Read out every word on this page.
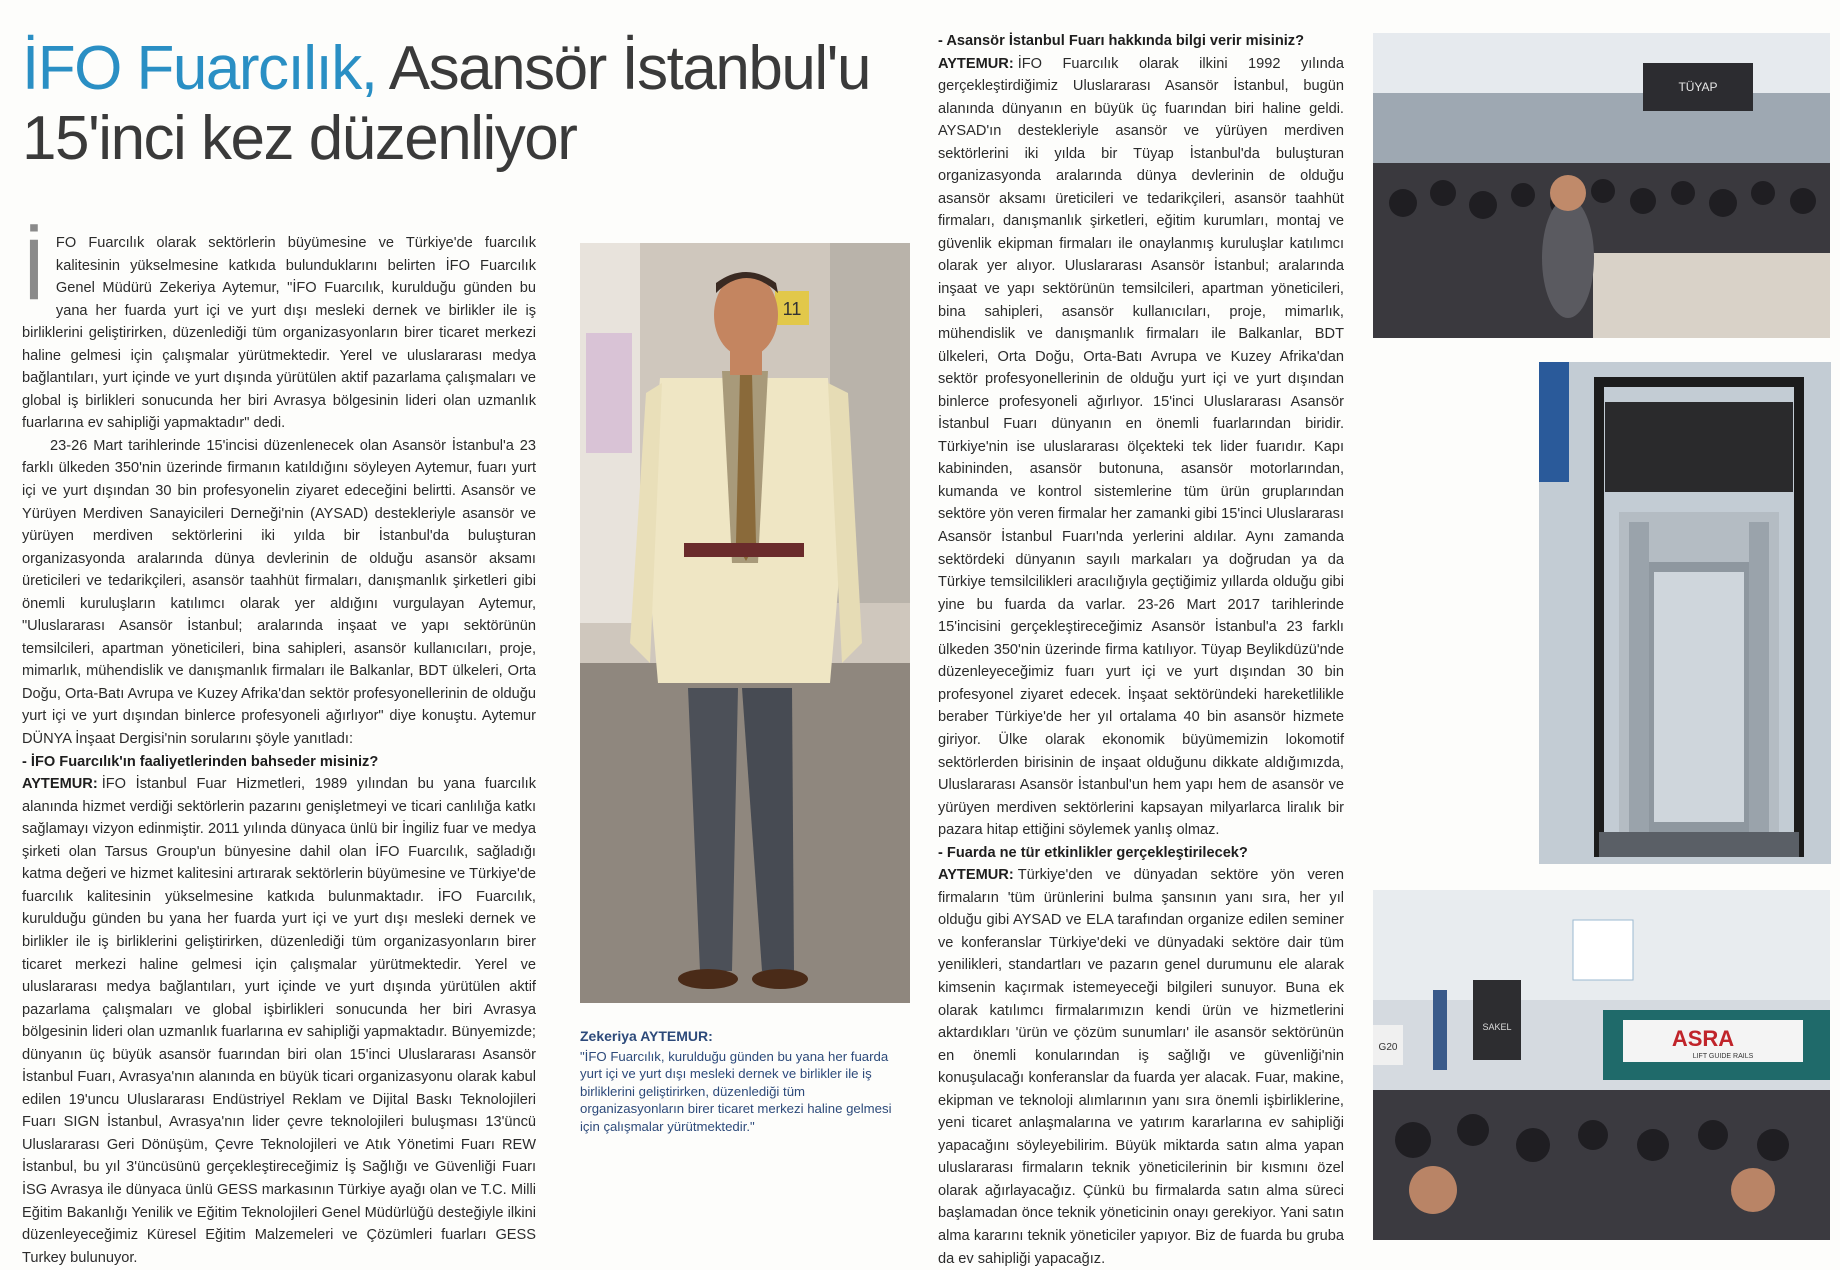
İFO Fuarcılık, Asansör İstanbul'u
15'inci kez düzenliyor
İ FO Fuarcılık olarak sektörlerin büyümesine ve Türkiye'de fuarcılık kalitesinin yükselmesine katkıda bulunduklarını belirten İFO Fuarcılık Genel Müdürü Zekeriya Aytemur, "İFO Fuarcılık, kurulduğu günden bu yana her fuarda yurt içi ve yurt dışı mesleki dernek ve birlikler ile iş birliklerini geliştirirken, düzenlediği tüm organizasyonların birer ticaret merkezi haline gelmesi için çalışmalar yürütmektedir. Yerel ve uluslararası medya bağlantıları, yurt içinde ve yurt dışında yürütülen aktif pazarlama çalışmaları ve global iş birlikleri sonucunda her biri Avrasya bölgesinin lideri olan uzmanlık fuarlarına ev sahipliği yapmaktadır" dedi.

23-26 Mart tarihlerinde 15'incisi düzenlenecek olan Asansör İstanbul'a 23 farklı ülkeden 350'nin üzerinde firmanın katıldığını söyleyen Aytemur, fuarı yurt içi ve yurt dışından 30 bin profesyonelin ziyaret edeceğini belirtti. Asansör ve Yürüyen Merdiven Sanayicileri Derneği'nin (AYSAD) destekleriyle asansör ve yürüyen merdiven sektörlerini iki yılda bir İstanbul'da buluşturan organizasyonda aralarında dünya devlerinin de olduğu asansör aksamı üreticileri ve tedarikçileri, asansör taahhüt firmaları, danışmanlık şirketleri gibi önemli kuruluşların katılımcı olarak yer aldığını vurgulayan Aytemur, "Uluslararası Asansör İstanbul; aralarında inşaat ve yapı sektörünün temsilcileri, apartman yöneticileri, bina sahipleri, asansör kullanıcıları, proje, mimarlık, mühendislik ve danışmanlık firmaları ile Balkanlar, BDT ülkeleri, Orta Doğu, Orta-Batı Avrupa ve Kuzey Afrika'dan sektör profesyonellerinin de olduğu yurt içi ve yurt dışından binlerce profesyoneli ağırlıyor" diye konuştu. Aytemur DÜNYA İnşaat Dergisi'nin sorularını şöyle yanıtladı:

- İFO Fuarcılık'ın faaliyetlerinden bahseder misiniz?

AYTEMUR: İFO İstanbul Fuar Hizmetleri, 1989 yılından bu yana fuarcılık alanında hizmet verdiği sektörlerin pazarını genişletmeyi ve ticari canlılığa katkı sağlamayı vizyon edinmiştir. 2011 yılında dünyaca ünlü bir İngiliz fuar ve medya şirketi olan Tarsus Group'un bünyesine dahil olan İFO Fuarcılık, sağladığı katma değeri ve hizmet kalitesini artırarak sektörlerin büyümesine ve Türkiye'de fuarcılık kalitesinin yükselmesine katkıda bulunmaktadır. İFO Fuarcılık, kurulduğu günden bu yana her fuarda yurt içi ve yurt dışı mesleki dernek ve birlikler ile iş birliklerini geliştirirken, düzenlediği tüm organizasyonların birer ticaret merkezi haline gelmesi için çalışmalar yürütmektedir. Yerel ve uluslararası medya bağlantıları, yurt içinde ve yurt dışında yürütülen aktif pazarlama çalışmaları ve global işbirlikleri sonucunda her biri Avrasya bölgesinin lideri olan uzmanlık fuarlarına ev sahipliği yapmaktadır. Bünyemizde; dünyanın üç büyük asansör fuarından biri olan 15'inci Uluslararası Asansör İstanbul Fuarı, Avrasya'nın alanında en büyük ticari organizasyonu olarak kabul edilen 19'uncu Uluslararası Endüstriyel Reklam ve Dijital Baskı Teknolojileri Fuarı SIGN İstanbul, Avrasya'nın lider çevre teknolojileri buluşması 13'üncü Uluslararası Geri Dönüşüm, Çevre Teknolojileri ve Atık Yönetimi Fuarı REW İstanbul, bu yıl 3'üncüsünü gerçekleştireceğimiz İş Sağlığı ve Güvenliği Fuarı İSG Avrasya ile dünyaca ünlü GESS markasının Türkiye ayağı olan ve T.C. Milli Eğitim Bakanlığı Yenilik ve Eğitim Teknolojileri Genel Müdürlüğü desteğiyle ilkini düzenleyeceğimiz Küresel Eğitim Malzemeleri ve Çözümleri fuarları GESS Turkey bulunuyor.

11
Zekeriya AYTEMUR:
"İFO Fuarcılık, kurulduğu günden bu yana her fuarda yurt içi ve yurt dışı mesleki dernek ve birlikler ile iş birliklerini geliştirirken, düzenlediği tüm organizasyonların birer ticaret merkezi haline gelmesi için çalışmalar yürütmektedir."

- Asansör İstanbul Fuarı hakkında bilgi verir misiniz?

AYTEMUR: İFO Fuarcılık olarak ilkini 1992 yılında gerçekleştirdiğimiz Uluslararası Asansör İstanbul, bugün alanında dünyanın en büyük üç fuarından biri haline geldi. AYSAD'ın destekleriyle asansör ve yürüyen merdiven sektörlerini iki yılda bir Tüyap İstanbul'da buluşturan organizasyonda aralarında dünya devlerinin de olduğu asansör aksamı üreticileri ve tedarikçileri, asansör taahhüt firmaları, danışmanlık şirketleri, eğitim kurumları, montaj ve güvenlik ekipman firmaları ile onaylanmış kuruluşlar katılımcı olarak yer alıyor. Uluslararası Asansör İstanbul; aralarında inşaat ve yapı sektörünün temsilcileri, apartman yöneticileri, bina sahipleri, asansör kullanıcıları, proje, mimarlık, mühendislik ve danışmanlık firmaları ile Balkanlar, BDT ülkeleri, Orta Doğu, Orta-Batı Avrupa ve Kuzey Afrika'dan sektör profesyonellerinin de olduğu yurt içi ve yurt dışından binlerce profesyoneli ağırlıyor. 15'inci Uluslararası Asansör İstanbul Fuarı dünyanın en önemli fuarlarından biridir. Türkiye'nin ise uluslararası ölçekteki tek lider fuarıdır. Kapı kabininden, asansör butonuna, asansör motorlarından, kumanda ve kontrol sistemlerine tüm ürün gruplarından sektöre yön veren firmalar her zamanki gibi 15'inci Uluslararası Asansör İstanbul Fuarı'nda yerlerini aldılar. Aynı zamanda sektördeki dünyanın sayılı markaları ya doğrudan ya da Türkiye temsilcilikleri aracılığıyla geçtiğimiz yıllarda olduğu gibi yine bu fuarda da varlar. 23-26 Mart 2017 tarihlerinde 15'incisini gerçekleştireceğimiz Asansör İstanbul'a 23 farklı ülkeden 350'nin üzerinde firma katılıyor. Tüyap Beylikdüzü'nde düzenleyeceğimiz fuarı yurt içi ve yurt dışından 30 bin profesyonel ziyaret edecek. İnşaat sektöründeki hareketlilikle beraber Türkiye'de her yıl ortalama 40 bin asansör hizmete giriyor. Ülke olarak ekonomik büyümemizin lokomotif sektörlerden birisinin de inşaat olduğunu dikkate aldığımızda, Uluslararası Asansör İstanbul'un hem yapı hem de asansör ve yürüyen merdiven sektörlerini kapsayan milyarlarca liralık bir pazara hitap ettiğini söylemek yanlış olmaz.

- Fuarda ne tür etkinlikler gerçekleştirilecek?

AYTEMUR: Türkiye'den ve dünyadan sektöre yön veren firmaların 'tüm ürünlerini bulma şansının yanı sıra, her yıl olduğu gibi AYSAD ve ELA tarafından organize edilen seminer ve konferanslar Türkiye'deki ve dünyadaki sektöre dair tüm yenilikleri, standartları ve pazarın genel durumunu ele alarak kimsenin kaçırmak istemeyeceği bilgileri sunuyor. Buna ek olarak katılımcı firmalarımızın kendi ürün ve hizmetlerini aktardıkları 'ürün ve çözüm sunumları' ile asansör sektörünün en önemli konularından iş sağlığı ve güvenliği'nin konuşulacağı konferanslar da fuarda yer alacak. Fuar, makine, ekipman ve teknoloji alımlarının yanı sıra önemli işbirliklerine, yeni ticaret anlaşmalarına ve yatırım kararlarına ev sahipliği yapacağını söyleyebilirim. Büyük miktarda satın alma yapan uluslararası firmaların teknik yöneticilerinin bir kısmını özel olarak ağırlayacağız. Çünkü bu firmalarda satın alma süreci başlamadan önce teknik yöneticinin onayı gerekiyor. Yani satın alma kararını teknik yöneticiler yapıyor. Biz de fuarda bu gruba da ev sahipliği yapacağız.

TÜYAP
SAKEL
G20	ASRA
LIFT GUIDE RAILS
